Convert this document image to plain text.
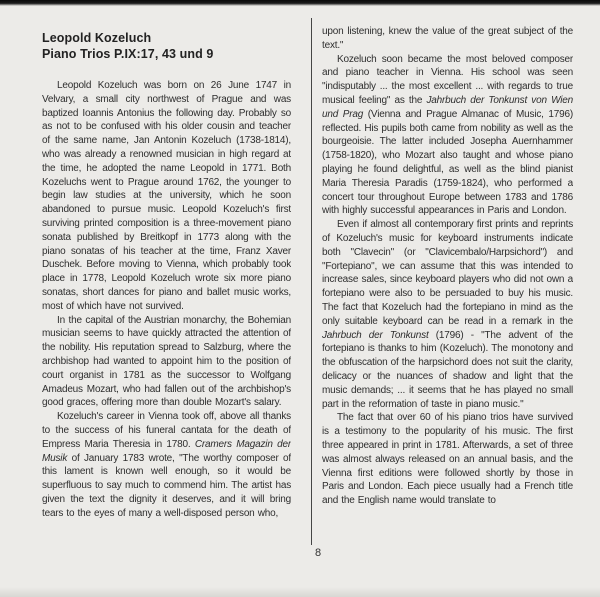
Leopold Kozeluch
Piano Trios P.IX:17, 43 und 9

Leopold Kozeluch was born on 26 June 1747 in Velvary, a small city northwest of Prague and was baptized Ioannis Antonius the following day. Probably so as not to be confused with his older cousin and teacher of the same name, Jan Antonin Kozeluch (1738-1814), who was already a renowned musician in high regard at the time, he adopted the name Leopold in 1771. Both Kozeluchs went to Prague around 1762, the younger to begin law studies at the university, which he soon abandoned to pursue music. Leopold Kozeluch's first surviving printed composition is a three-movement piano sonata published by Breitkopf in 1773 along with the piano sonatas of his teacher at the time, Franz Xaver Duschek. Before moving to Vienna, which probably took place in 1778, Leopold Kozeluch wrote six more piano sonatas, short dances for piano and ballet music works, most of which have not survived.

In the capital of the Austrian monarchy, the Bohemian musician seems to have quickly attracted the attention of the nobility. His reputation spread to Salzburg, where the archbishop had wanted to appoint him to the position of court organist in 1781 as the successor to Wolfgang Amadeus Mozart, who had fallen out of the archbishop's good graces, offering more than double Mozart's salary.

Kozeluch's career in Vienna took off, above all thanks to the success of his funeral cantata for the death of Empress Maria Theresia in 1780. Cramers Magazin der Musik of January 1783 wrote, "The worthy composer of this lament is known well enough, so it would be superfluous to say much to commend him. The artist has given the text the dignity it deserves, and it will bring tears to the eyes of many a well-disposed person who,

upon listening, knew the value of the great subject of the text."

Kozeluch soon became the most beloved composer and piano teacher in Vienna. His school was seen "indisputably ... the most excellent ... with regards to true musical feeling" as the Jahrbuch der Tonkunst von Wien und Prag (Vienna and Prague Almanac of Music, 1796) reflected. His pupils both came from nobility as well as the bourgeoisie. The latter included Josepha Auernhammer (1758-1820), who Mozart also taught and whose piano playing he found delightful, as well as the blind pianist Maria Theresia Paradis (1759-1824), who performed a concert tour throughout Europe between 1783 and 1786 with highly successful appearances in Paris and London.

Even if almost all contemporary first prints and reprints of Kozeluch's music for keyboard instruments indicate both "Clavecin" (or "Clavicembalo/Harpsichord") and "Fortepiano", we can assume that this was intended to increase sales, since keyboard players who did not own a fortepiano were also to be persuaded to buy his music. The fact that Kozeluch had the fortepiano in mind as the only suitable keyboard can be read in a remark in the Jahrbuch der Tonkunst (1796) - "The advent of the fortepiano is thanks to him (Kozeluch). The monotony and the obfuscation of the harpsichord does not suit the clarity, delicacy or the nuances of shadow and light that the music demands; ... it seems that he has played no small part in the reformation of taste in piano music."

The fact that over 60 of his piano trios have survived is a testimony to the popularity of his music. The first three appeared in print in 1781. Afterwards, a set of three was almost always released on an annual basis, and the Vienna first editions were followed shortly by those in Paris and London. Each piece usually had a French title and the English name would translate to

8
